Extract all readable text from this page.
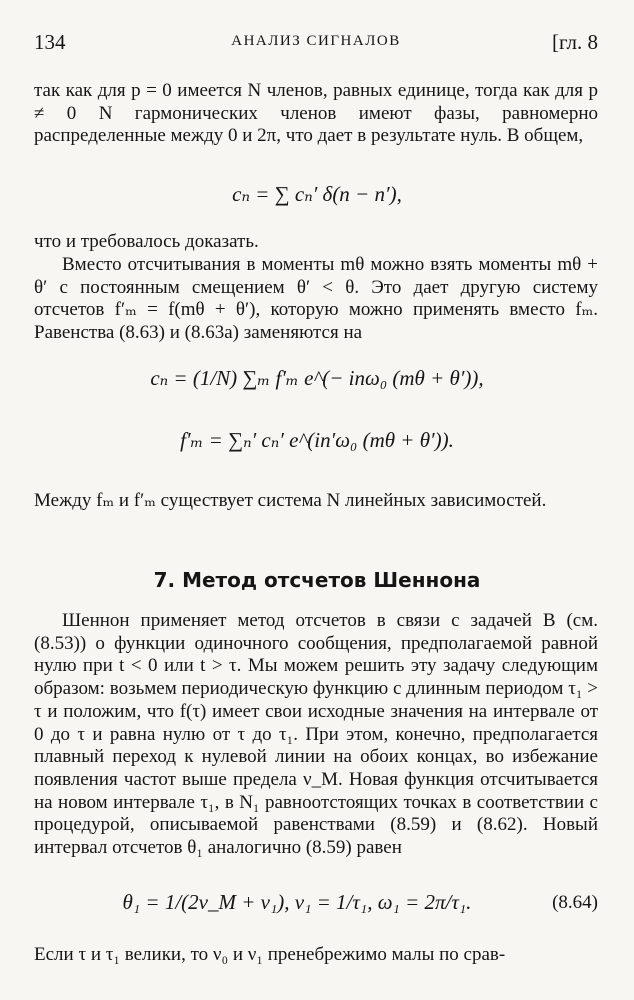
134	АНАЛИЗ СИГНАЛОВ	[гл. 8

так как для p = 0 имеется N членов, равных единице, тогда как для p ≠ 0 N гармонических членов имеют фазы, равномерно распределенные между 0 и 2π, что дает в результате нуль. В общем,

cₙ = ∑ cₙ′ δ(n − n′),

что и требовалось доказать.

Вместо отсчитывания в моменты mθ можно взять моменты mθ + θ′ с постоянным смещением θ′ < θ. Это дает другую систему отсчетов f′ₘ = f(mθ + θ′), которую можно применять вместо fₘ. Равенства (8.63) и (8.63а) заменяются на

cₙ = (1/N) ∑ₘ f′ₘ e^(− inω₀ (mθ + θ′)),
f′ₘ = ∑ₙ′ cₙ′ e^(in′ω₀ (mθ + θ′)).

Между fₘ и f′ₘ существует система N линейных зависимостей.

7. Метод отсчетов Шеннона

Шеннон применяет метод отсчетов в связи с задачей В (см. (8.53)) о функции одиночного сообщения, предполагаемой равной нулю при t < 0 или t > τ. Мы можем решить эту задачу следующим образом: возьмем периодическую функцию с длинным периодом τ₁ > τ и положим, что f(τ) имеет свои исходные значения на интервале от 0 до τ и равна нулю от τ до τ₁. При этом, конечно, предполагается плавный переход к нулевой линии на обоих концах, во избежание появления частот выше предела ν_M. Новая функция отсчитывается на новом интервале τ₁, в N₁ равноотстоящих точках в соответствии с процедурой, описываемой равенствами (8.59) и (8.62). Новый интервал отсчетов θ₁ аналогично (8.59) равен

θ₁ = 1/(2ν_M + ν₁), ν₁ = 1/τ₁, ω₁ = 2π/τ₁.	(8.64)

Если τ и τ₁ велики, то ν₀ и ν₁ пренебрежимо малы по срав-
